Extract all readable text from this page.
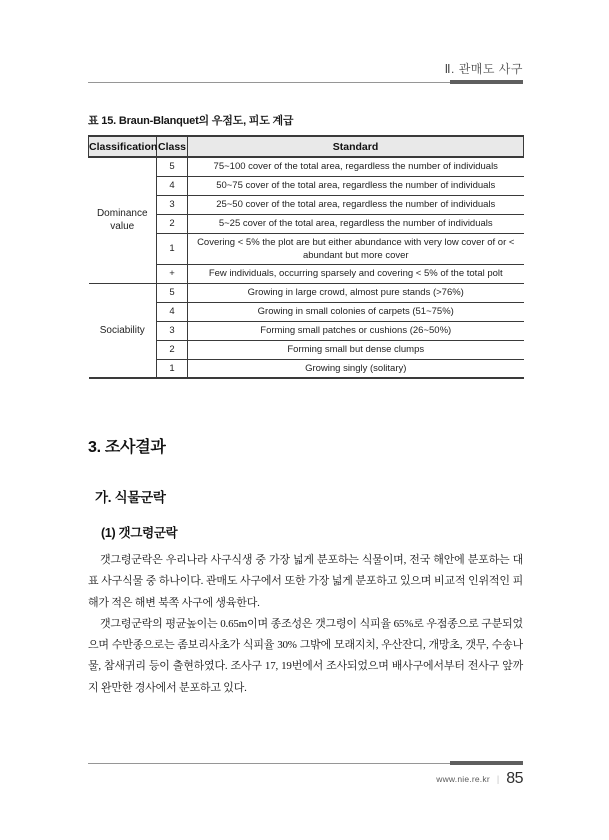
Ⅱ. 관매도 사구
표 15. Braun-Blanquet의 우점도, 피도 계급
Classification	Class	Standard
Dominance value	5	75~100 cover of the total area, regardless the number of individuals
	4	50~75 cover of the total area, regardless the number of individuals
	3	25~50 cover of the total area, regardless the number of individuals
	2	5~25 cover of the total area, regardless the number of individuals
	1	Covering < 5% the plot are but either abundance with very low cover of or < abundant but more cover
	+	Few individuals, occurring sparsely and covering < 5% of the total polt
Sociability	5	Growing in large crowd, almost pure stands (>76%)
	4	Growing in small colonies of carpets (51~75%)
	3	Forming small patches or cushions (26~50%)
	2	Forming small but dense clumps
	1	Growing singly (solitary)
3. 조사결과
가. 식물군락
(1) 갯그령군락

갯그령군락은 우리나라 사구식생 중 가장 넓게 분포하는 식물이며, 전국 해안에 분포하는 대표 사구식물 중 하나이다. 관매도 사구에서 또한 가장 넓게 분포하고 있으며 비교적 인위적인 피해가 적은 해변 북쪽 사구에 생육한다.

갯그령군락의 평균높이는 0.65m이며 종조성은 갯그령이 식피율 65%로 우점종으로 구분되었으며 수반종으로는 좀보리사초가 식피율 30% 그밖에 모래지치, 우산잔디, 개망초, 갯무, 수송나물, 참새귀리 등이 출현하였다. 조사구 17, 19번에서 조사되었으며 배사구에서부터 전사구 앞까지 완만한 경사에서 분포하고 있다.

www.nie.re.kr | 85
